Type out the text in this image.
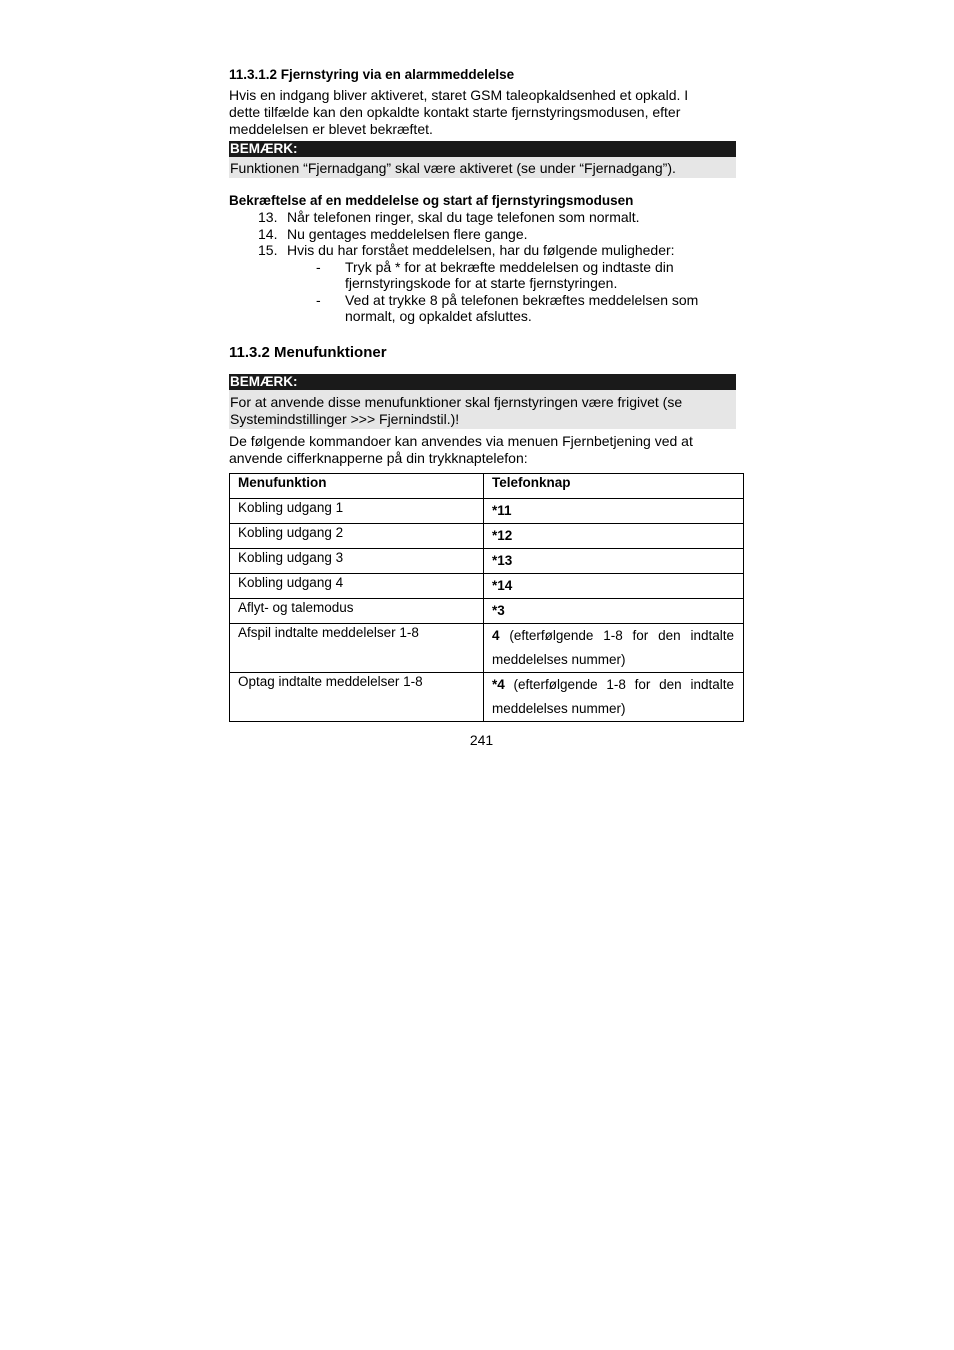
11.3.1.2 Fjernstyring via en alarmmeddelelse

Hvis en indgang bliver aktiveret, staret GSM taleopkaldsenhed et opkald. I dette tilfælde kan den opkaldte kontakt starte fjernstyringsmodusen, efter meddelelsen er blevet bekræftet.

BEMÆRK:
Funktionen “Fjernadgang” skal være aktiveret (se under “Fjernadgang”).
Bekræftelse af en meddelelse og start af fjernstyringsmodusen
13. Når telefonen ringer, skal du tage telefonen som normalt.
14. Nu gentages meddelelsen flere gange.
15. Hvis du har forstået meddelelsen, har du følgende muligheder:
- Tryk på * for at bekræfte meddelelsen og indtaste din fjernstyringskode for at starte fjernstyringen.
- Ved at trykke 8 på telefonen bekræftes meddelelsen som normalt, og opkaldet afsluttes.
11.3.2 Menufunktioner
BEMÆRK:
For at anvende disse menufunktioner skal fjernstyringen være frigivet (se Systemindstillinger >>> Fjernindstil.)!

De følgende kommandoer kan anvendes via menuen Fjernbetjening ved at anvende cifferknapperne på din trykknaptelefon:

Menufunktion	Telefonknap
Kobling udgang 1	*11
Kobling udgang 2	*12
Kobling udgang 3	*13
Kobling udgang 4	*14
Aflyt- og talemodus	*3
Afspil indtalte meddelelser 1-8	4 (efterfølgende 1-8 for den indtalte meddelelses nummer)
Optag indtalte meddelelser 1-8	*4 (efterfølgende 1-8 for den indtalte meddelelses nummer)
241
